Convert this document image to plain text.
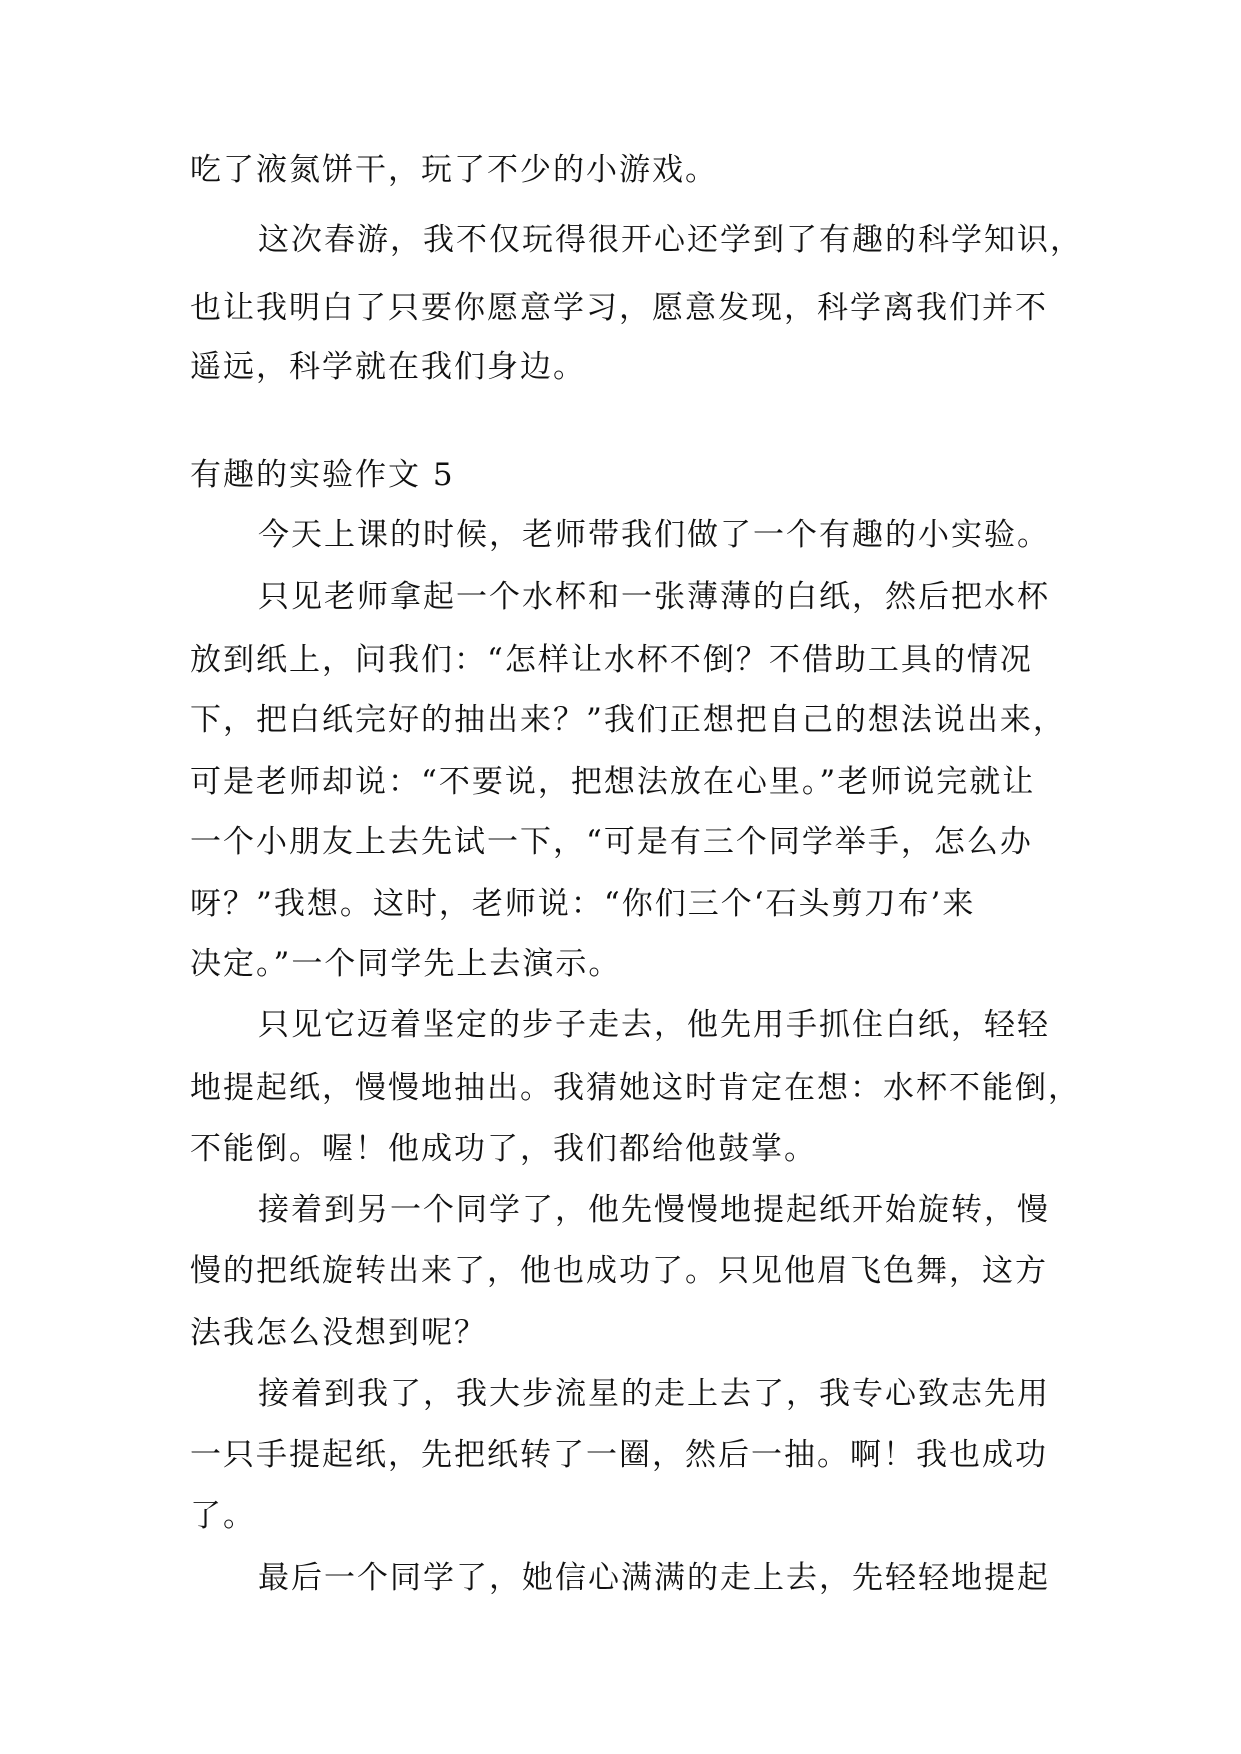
吃了液氮饼干，玩了不少的小游戏。
这次春游，我不仅玩得很开心还学到了有趣的科学知识，
也让我明白了只要你愿意学习，愿意发现，科学离我们并不
遥远，科学就在我们身边。
有趣的实验作文 5
今天上课的时候，老师带我们做了一个有趣的小实验。
只见老师拿起一个水杯和一张薄薄的白纸，然后把水杯
放到纸上，问我们：“怎样让水杯不倒？不借助工具的情况
下，把白纸完好的抽出来？”我们正想把自己的想法说出来，
可是老师却说：“不要说，把想法放在心里。”老师说完就让
一个小朋友上去先试一下，“可是有三个同学举手，怎么办
呀？”我想。这时，老师说：“你们三个‘石头剪刀布’来
决定。”一个同学先上去演示。
只见它迈着坚定的步子走去，他先用手抓住白纸，轻轻
地提起纸，慢慢地抽出。我猜她这时肯定在想：水杯不能倒，
不能倒。喔！他成功了，我们都给他鼓掌。
接着到另一个同学了，他先慢慢地提起纸开始旋转，慢
慢的把纸旋转出来了，他也成功了。只见他眉飞色舞，这方
法我怎么没想到呢？
接着到我了，我大步流星的走上去了，我专心致志先用
一只手提起纸，先把纸转了一圈，然后一抽。啊！我也成功
了。
最后一个同学了，她信心满满的走上去，先轻轻地提起
